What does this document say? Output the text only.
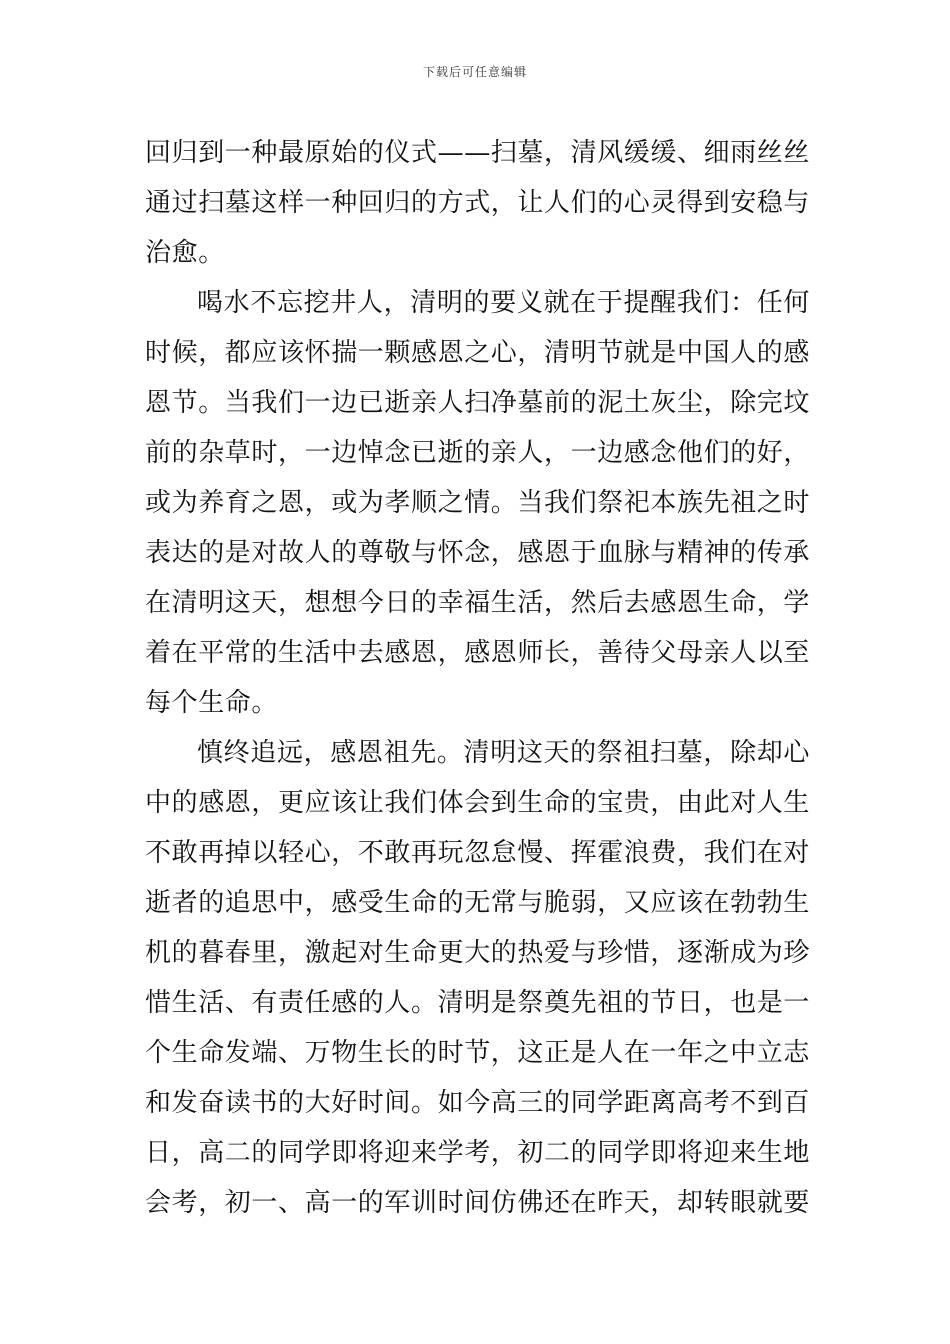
下载后可任意编辑
回归到一种最原始的仪式——扫墓，清风缓缓、细雨丝丝
通过扫墓这样一种回归的方式，让人们的心灵得到安稳与
治愈。
喝水不忘挖井人，清明的要义就在于提醒我们：任何
时候，都应该怀揣一颗感恩之心，清明节就是中国人的感
恩节。当我们一边已逝亲人扫净墓前的泥土灰尘，除完坟
前的杂草时，一边悼念已逝的亲人，一边感念他们的好，
或为养育之恩，或为孝顺之情。当我们祭祀本族先祖之时
表达的是对故人的尊敬与怀念，感恩于血脉与精神的传承
在清明这天，想想今日的幸福生活，然后去感恩生命，学
着在平常的生活中去感恩，感恩师长，善待父母亲人以至
每个生命。
慎终追远，感恩祖先。清明这天的祭祖扫墓，除却心
中的感恩，更应该让我们体会到生命的宝贵，由此对人生
不敢再掉以轻心，不敢再玩忽怠慢、挥霍浪费，我们在对
逝者的追思中，感受生命的无常与脆弱，又应该在勃勃生
机的暮春里，激起对生命更大的热爱与珍惜，逐渐成为珍
惜生活、有责任感的人。清明是祭奠先祖的节日，也是一
个生命发端、万物生长的时节，这正是人在一年之中立志
和发奋读书的大好时间。如今高三的同学距离高考不到百
日，高二的同学即将迎来学考，初二的同学即将迎来生地
会考，初一、高一的军训时间仿佛还在昨天，却转眼就要
